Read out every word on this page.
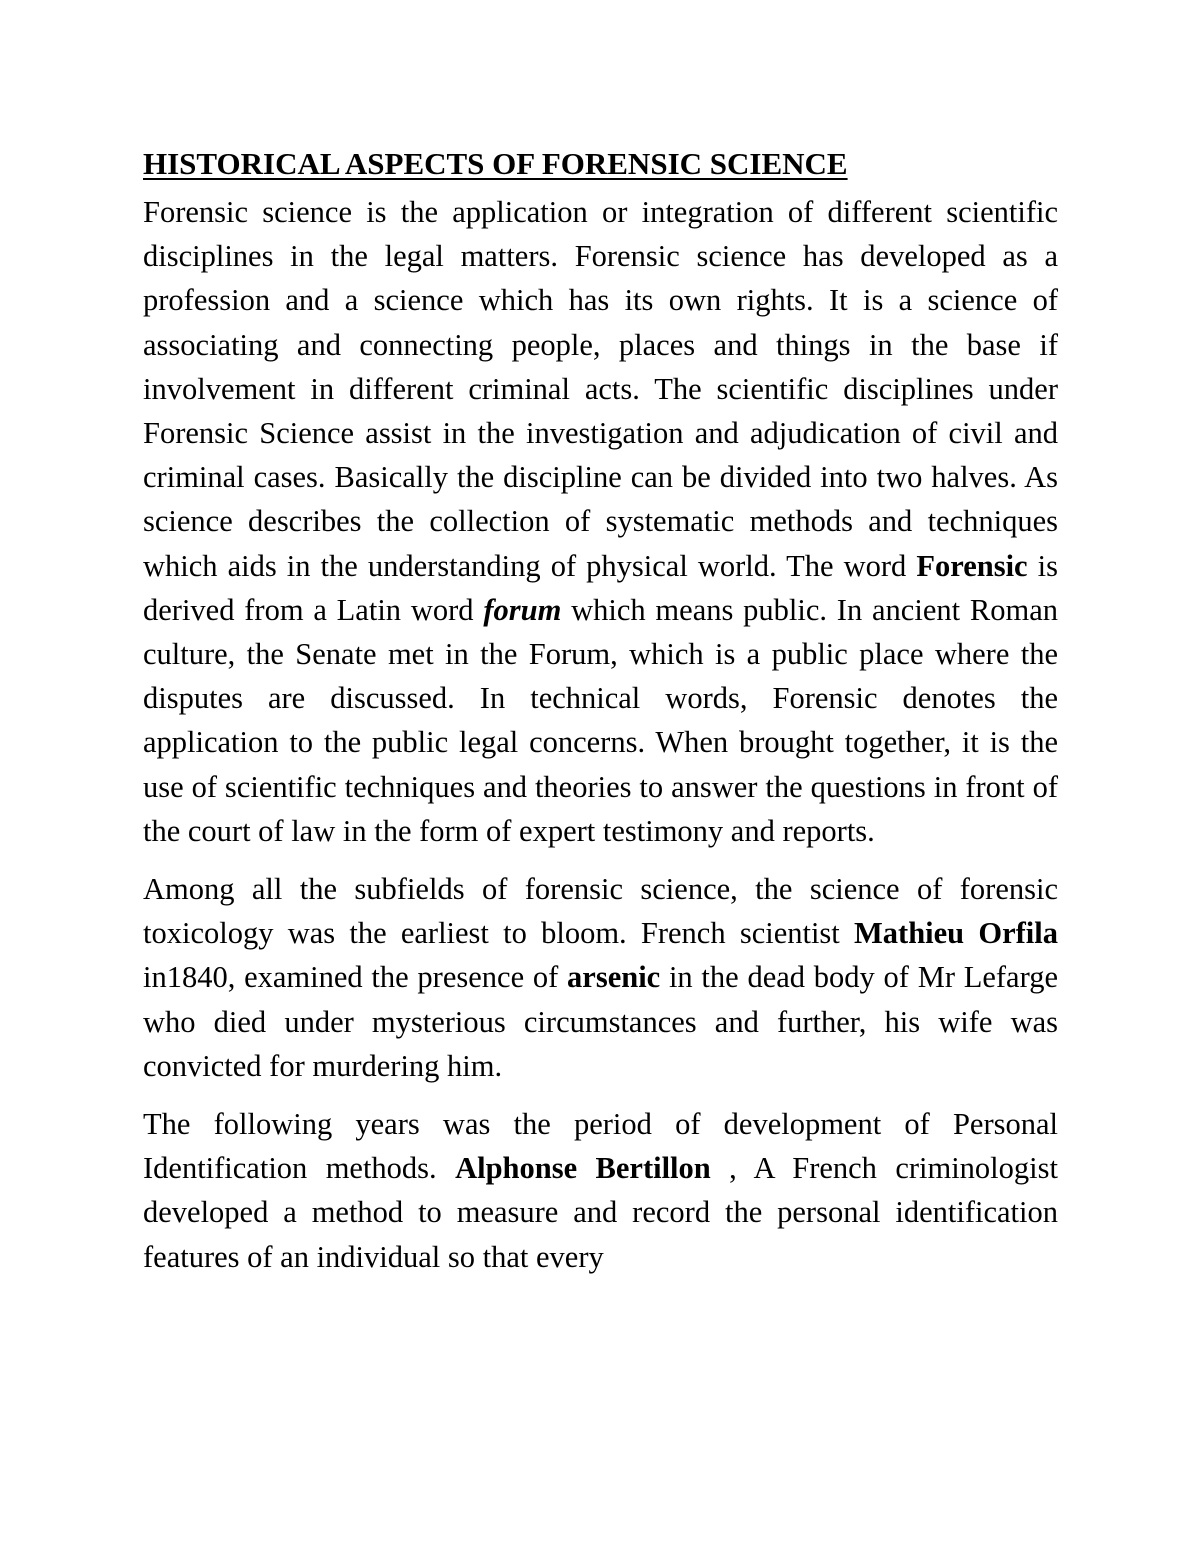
HISTORICAL ASPECTS OF FORENSIC SCIENCE

Forensic science is the application or integration of different scientific disciplines in the legal matters. Forensic science has developed as a profession and a science which has its own rights. It is a science of associating and connecting people, places and things in the base if involvement in different criminal acts. The scientific disciplines under Forensic Science assist in the investigation and adjudication of civil and criminal cases. Basically the discipline can be divided into two halves. As science describes the collection of systematic methods and techniques which aids in the understanding of physical world. The word Forensic is derived from a Latin word forum which means public. In ancient Roman culture, the Senate met in the Forum, which is a public place where the disputes are discussed. In technical words, Forensic denotes the application to the public legal concerns. When brought together, it is the use of scientific techniques and theories to answer the questions in front of the court of law in the form of expert testimony and reports.

Among all the subfields of forensic science, the science of forensic toxicology was the earliest to bloom. French scientist Mathieu Orfila in1840, examined the presence of arsenic in the dead body of Mr Lefarge who died under mysterious circumstances and further, his wife was convicted for murdering him.

The following years was the period of development of Personal Identification methods. Alphonse Bertillon , A French criminologist developed a method to measure and record the personal identification features of an individual so that every
